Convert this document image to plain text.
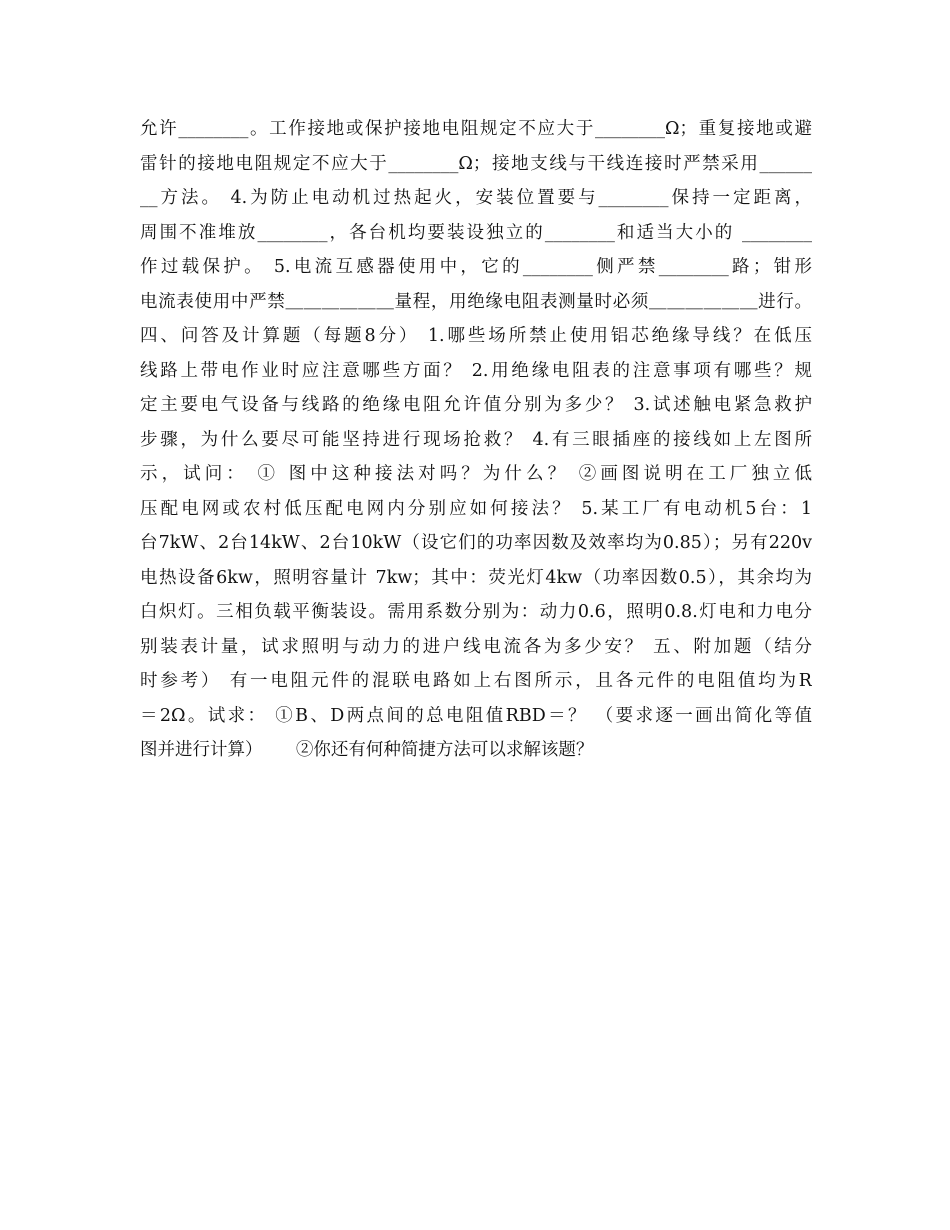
允许________。工作接地或保护接地电阻规定不应大于________Ω；重复接地或避
雷针的接地电阻规定不应大于________Ω；接地支线与干线连接时严禁采用______
__方法。 4.为防止电动机过热起火，安装位置要与________保持一定距离，
周围不准堆放________，各台机均要装设独立的________和适当大小的 ________
作过载保护。 5.电流互感器使用中，它的________侧严禁________路；钳形
电流表使用中严禁＿＿＿＿＿＿量程，用绝缘电阻表测量时必须＿＿＿＿＿＿进行。
四、问答及计算题（每题8分） 1.哪些场所禁止使用铝芯绝缘导线？在低压
线路上带电作业时应注意哪些方面？ 2.用绝缘电阻表的注意事项有哪些？规
定主要电气设备与线路的绝缘电阻允许值分别为多少？ 3.试述触电紧急救护
步骤，为什么要尽可能坚持进行现场抢救？ 4.有三眼插座的接线如上左图所
示，试问： ① 图中这种接法对吗？为什么？ ②画图说明在工厂独立低
压配电网或农村低压配电网内分别应如何接法？ 5.某工厂有电动机5台：1
台7kW、2台14kW、2台10kW（设它们的功率因数及效率均为0.85）；另有220v
电热设备6kw，照明容量计 7kw；其中：荧光灯4kw（功率因数0.5），其余均为
白炽灯。三相负载平衡装设。需用系数分别为：动力0.6，照明0.8.灯电和力电分
别装表计量，试求照明与动力的进户线电流各为多少安？ 五、附加题（结分
时参考） 有一电阻元件的混联电路如上右图所示，且各元件的电阻值均为R
＝2Ω。试求： ①B、D两点间的总电阻值RBD＝？ （要求逐一画出简化等值
图并进行计算）      ②你还有何种简捷方法可以求解该题？
